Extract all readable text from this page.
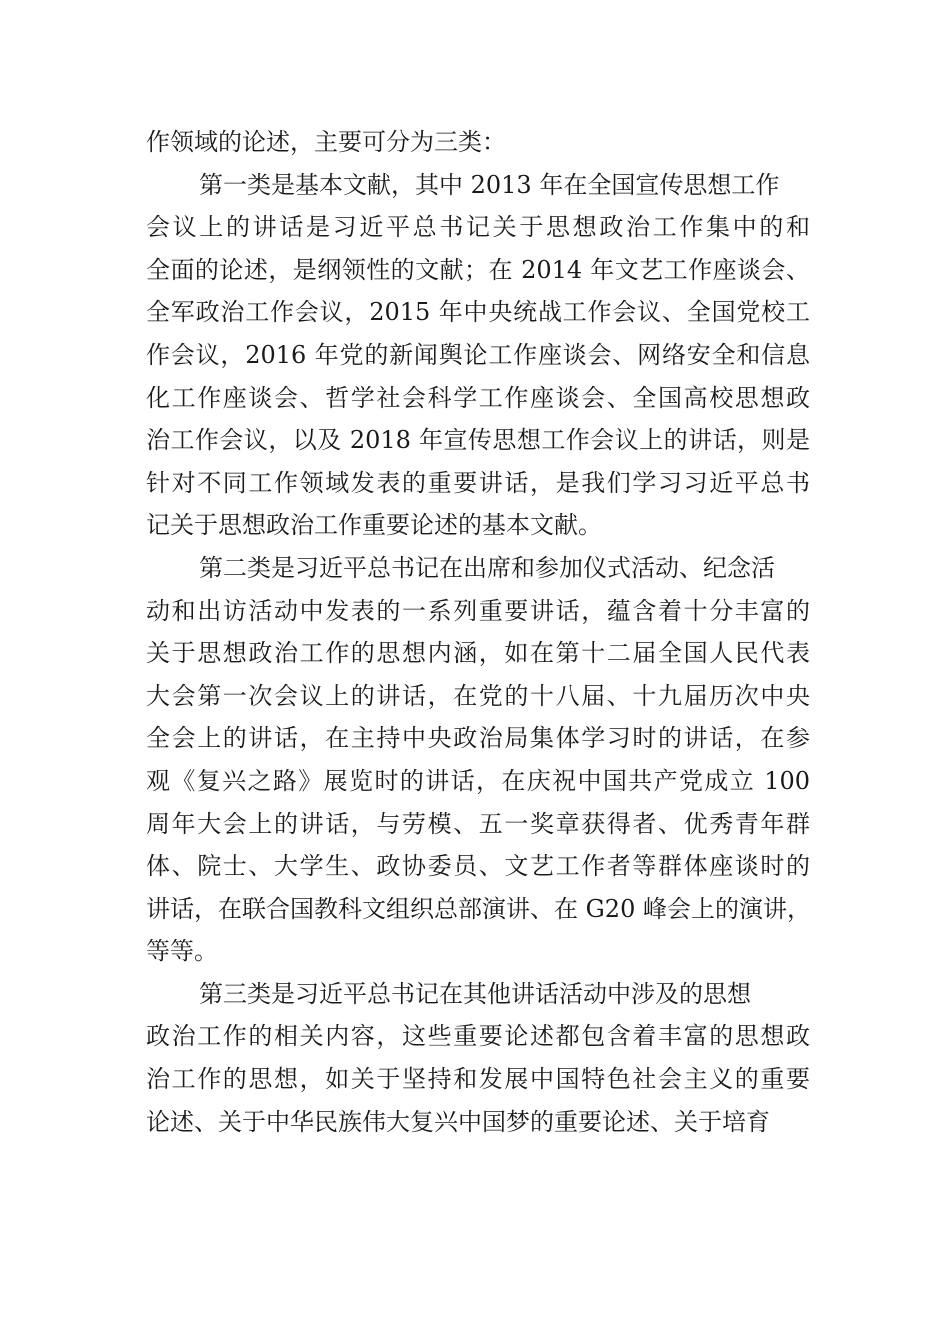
作领域的论述，主要可分为三类：
第一类是基本文献，其中 2013 年在全国宣传思想工作
会议上的讲话是习近平总书记关于思想政治工作集中的和
全面的论述，是纲领性的文献；在 2014 年文艺工作座谈会、
全军政治工作会议，2015 年中央统战工作会议、全国党校工
作会议，2016 年党的新闻舆论工作座谈会、网络安全和信息
化工作座谈会、哲学社会科学工作座谈会、全国高校思想政
治工作会议，以及 2018 年宣传思想工作会议上的讲话，则是
针对不同工作领域发表的重要讲话，是我们学习习近平总书
记关于思想政治工作重要论述的基本文献。
第二类是习近平总书记在出席和参加仪式活动、纪念活
动和出访活动中发表的一系列重要讲话，蕴含着十分丰富的
关于思想政治工作的思想内涵，如在第十二届全国人民代表
大会第一次会议上的讲话，在党的十八届、十九届历次中央
全会上的讲话，在主持中央政治局集体学习时的讲话，在参
观《复兴之路》展览时的讲话，在庆祝中国共产党成立 100
周年大会上的讲话，与劳模、五一奖章获得者、优秀青年群
体、院士、大学生、政协委员、文艺工作者等群体座谈时的
讲话，在联合国教科文组织总部演讲、在 G20 峰会上的演讲，
等等。
第三类是习近平总书记在其他讲话活动中涉及的思想
政治工作的相关内容，这些重要论述都包含着丰富的思想政
治工作的思想，如关于坚持和发展中国特色社会主义的重要
论述、关于中华民族伟大复兴中国梦的重要论述、关于培育
